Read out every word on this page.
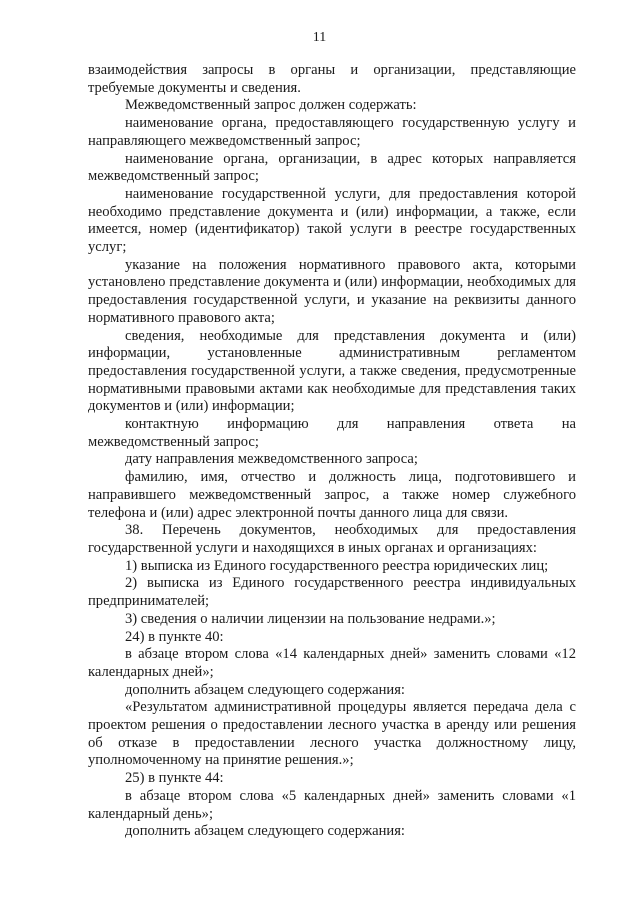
11

взаимодействия запросы в органы и организации, представляющие требуемые документы и сведения.

Межведомственный запрос должен содержать:

наименование органа, предоставляющего государственную услугу и направляющего межведомственный запрос;

наименование органа, организации, в адрес которых направляется межведомственный запрос;

наименование государственной услуги, для предоставления которой необходимо представление документа и (или) информации, а также, если имеется, номер (идентификатор) такой услуги в реестре государственных услуг;

указание на положения нормативного правового акта, которыми установлено представление документа и (или) информации, необходимых для предоставления государственной услуги, и указание на реквизиты данного нормативного правового акта;

сведения, необходимые для представления документа и (или) информации, установленные административным регламентом предоставления государственной услуги, а также сведения, предусмотренные нормативными правовыми актами как необходимые для представления таких документов и (или) информации;

контактную информацию для направления ответа на межведомственный запрос;

дату направления межведомственного запроса;

фамилию, имя, отчество и должность лица, подготовившего и направившего межведомственный запрос, а также номер служебного телефона и (или) адрес электронной почты данного лица для связи.

38. Перечень документов, необходимых для предоставления государственной услуги и находящихся в иных органах и организациях:

1) выписка из Единого государственного реестра юридических лиц;

2) выписка из Единого государственного реестра индивидуальных предпринимателей;

3) сведения о наличии лицензии на пользование недрами.»;

24) в пункте 40:

в абзаце втором слова «14 календарных дней» заменить словами «12 календарных дней»;

дополнить абзацем следующего содержания:

«Результатом административной процедуры является передача дела с проектом решения о предоставлении лесного участка в аренду или решения об отказе в предоставлении лесного участка должностному лицу, уполномоченному на принятие решения.»;

25) в пункте 44:

в абзаце втором слова «5 календарных дней» заменить словами «1 календарный день»;

дополнить абзацем следующего содержания:
